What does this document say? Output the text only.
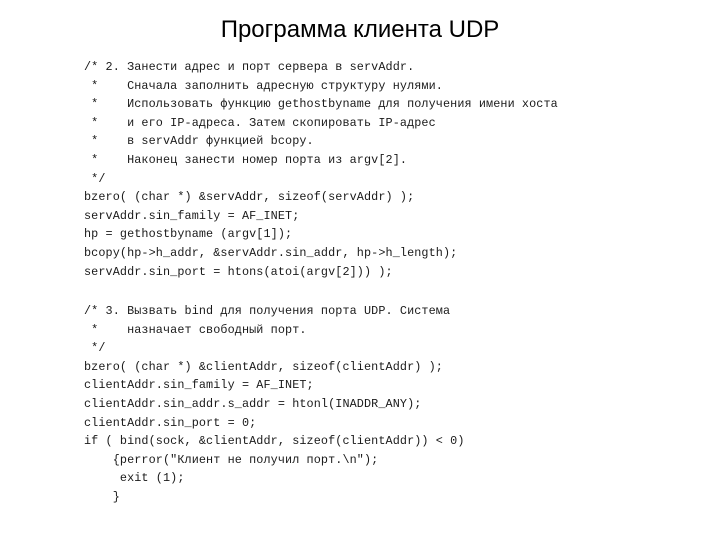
Программа клиента UDP
/* 2. Занести адрес и порт сервера в servAddr.
*    Сначала заполнить адресную структуру нулями.
*    Использовать функцию gethostbyname для получения имени хоста
*    и его IP-адреса. Затем скопировать IP-адрес
*    в servAddr функцией bcopy.
*    Наконец занести номер порта из argv[2].
*/
bzero( (char *) &servAddr, sizeof(servAddr) );
servAddr.sin_family = AF_INET;
hp = gethostbyname (argv[1]);
bcopy(hp->h_addr, &servAddr.sin_addr, hp->h_length);
servAddr.sin_port = htons(atoi(argv[2])) );
/* 3. Вызвать bind для получения порта UDP. Система
*    назначает свободный порт.
*/
bzero( (char *) &clientAddr, sizeof(clientAddr) );
clientAddr.sin_family = AF_INET;
clientAddr.sin_addr.s_addr = htonl(INADDR_ANY);
clientAddr.sin_port = 0;
if ( bind(sock, &clientAddr, sizeof(clientAddr)) < 0)
{perror("Клиент не получил порт.\n");
exit (1);
}
